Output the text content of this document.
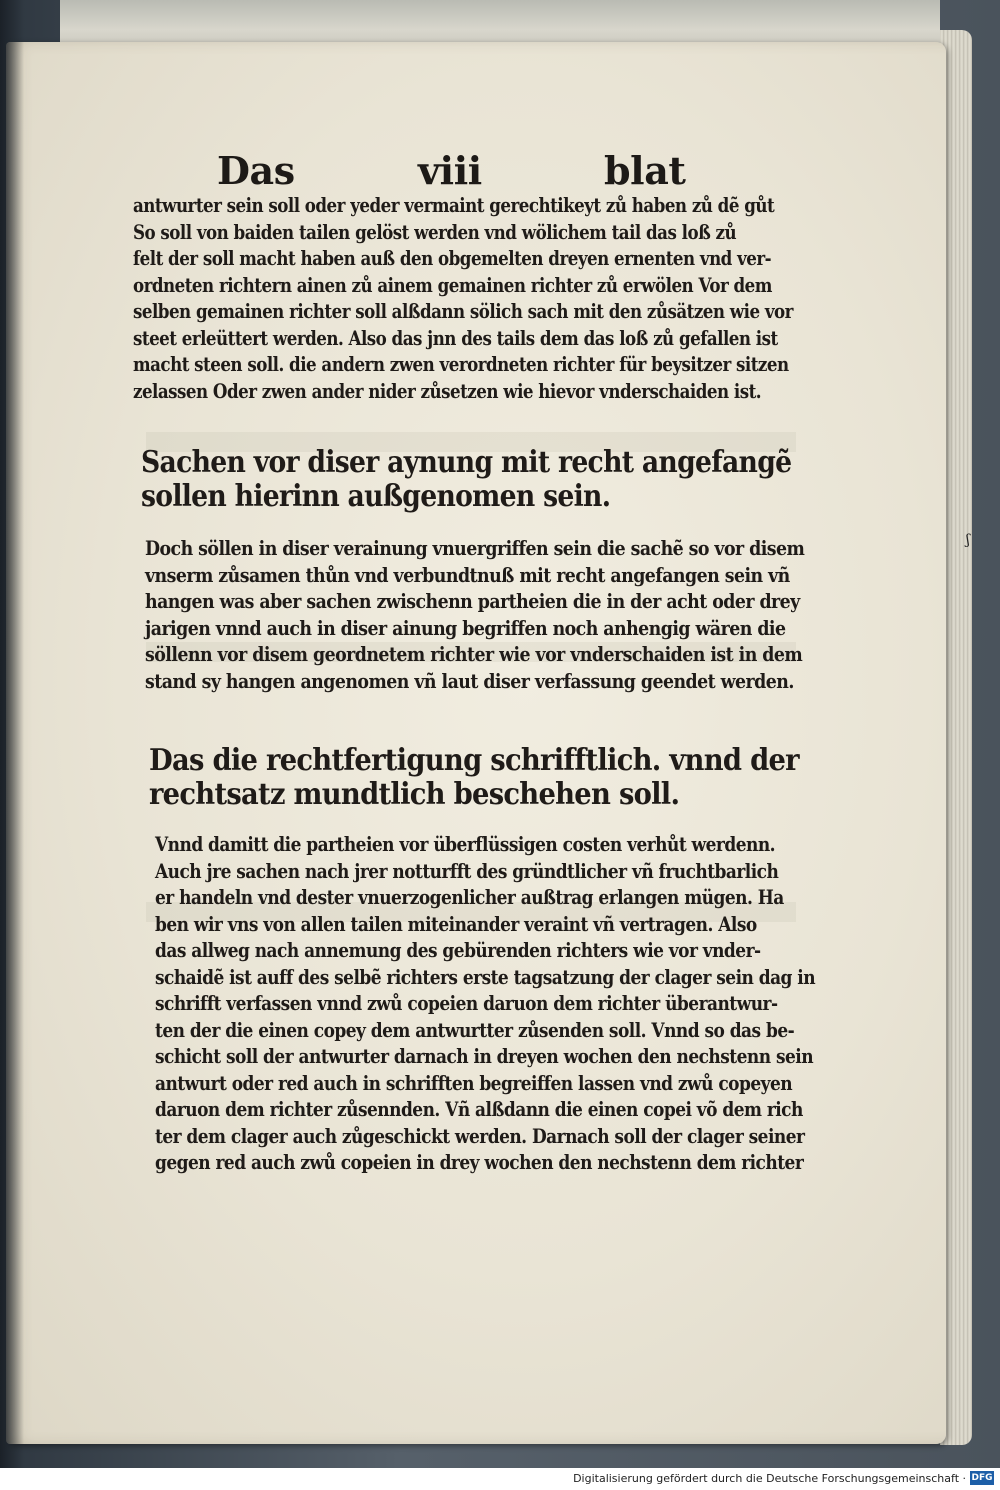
Das	viii	blat
antwurter sein soll oder yeder vermaint gerechtikeyt zů haben zů dẽ gůt
So soll von baiden tailen gelöst werden vnd wölichem tail das loß zů
felt der soll macht haben auß den obgemelten dreyen ernenten vnd ver-
ordneten richtern ainen zů ainem gemainen richter zů erwölen Vor dem
selben gemainen richter soll alßdann sölich sach mit den zůsätzen wie vor
steet erleüttert werden. Also das jnn des tails dem das loß zů gefallen ist
macht steen soll. die andern zwen verordneten richter für beysitzer sitzen
zelassen Oder zwen ander nider zůsetzen wie hievor vnderschaiden ist.
Sachen vor diser aynung mit recht angefangẽ
sollen hierinn außgenomen sein.
Doch söllen in diser verainung vnuergriffen sein die sachẽ so vor disem
vnserm zůsamen thůn vnd verbundtnuß mit recht angefangen sein vñ
hangen was aber sachen zwischenn partheien die in der acht oder drey
jarigen vnnd auch in diser ainung begriffen noch anhengig wären die
söllenn vor disem geordnetem richter wie vor vnderschaiden ist in dem
stand sy hangen angenomen vñ laut diser verfassung geendet werden.
Das die rechtfertigung schrifftlich. vnnd der
rechtsatz mundtlich beschehen soll.
Vnnd damitt die partheien vor überflüssigen costen verhůt werdenn.
Auch jre sachen nach jrer notturfft des gründtlicher vñ fruchtbarlich
er handeln vnd dester vnuerzogenlicher außtrag erlangen mügen. Ha
ben wir vns von allen tailen miteinander veraint vñ vertragen. Also
das allweg nach annemung des gebürenden richters wie vor vnder-
schaidẽ ist auff des selbẽ richters erste tagsatzung der clager sein dag in
schrifft verfassen vnnd zwů copeien daruon dem richter überantwur-
ten der die einen copey dem antwurtter zůsenden soll. Vnnd so das be-
schicht soll der antwurter darnach in dreyen wochen den nechstenn sein
antwurt oder red auch in schrifften begreiffen lassen vnd zwů copeyen
daruon dem richter zůsennden. Vñ alßdann die einen copei võ dem rich
ter dem clager auch zůgeschickt werden. Darnach soll der clager seiner
gegen red auch zwů copeien in drey wochen den nechstenn dem richter
ʃ
Digitalisierung gefördert durch die Deutsche Forschungsgemeinschaft · DFG
